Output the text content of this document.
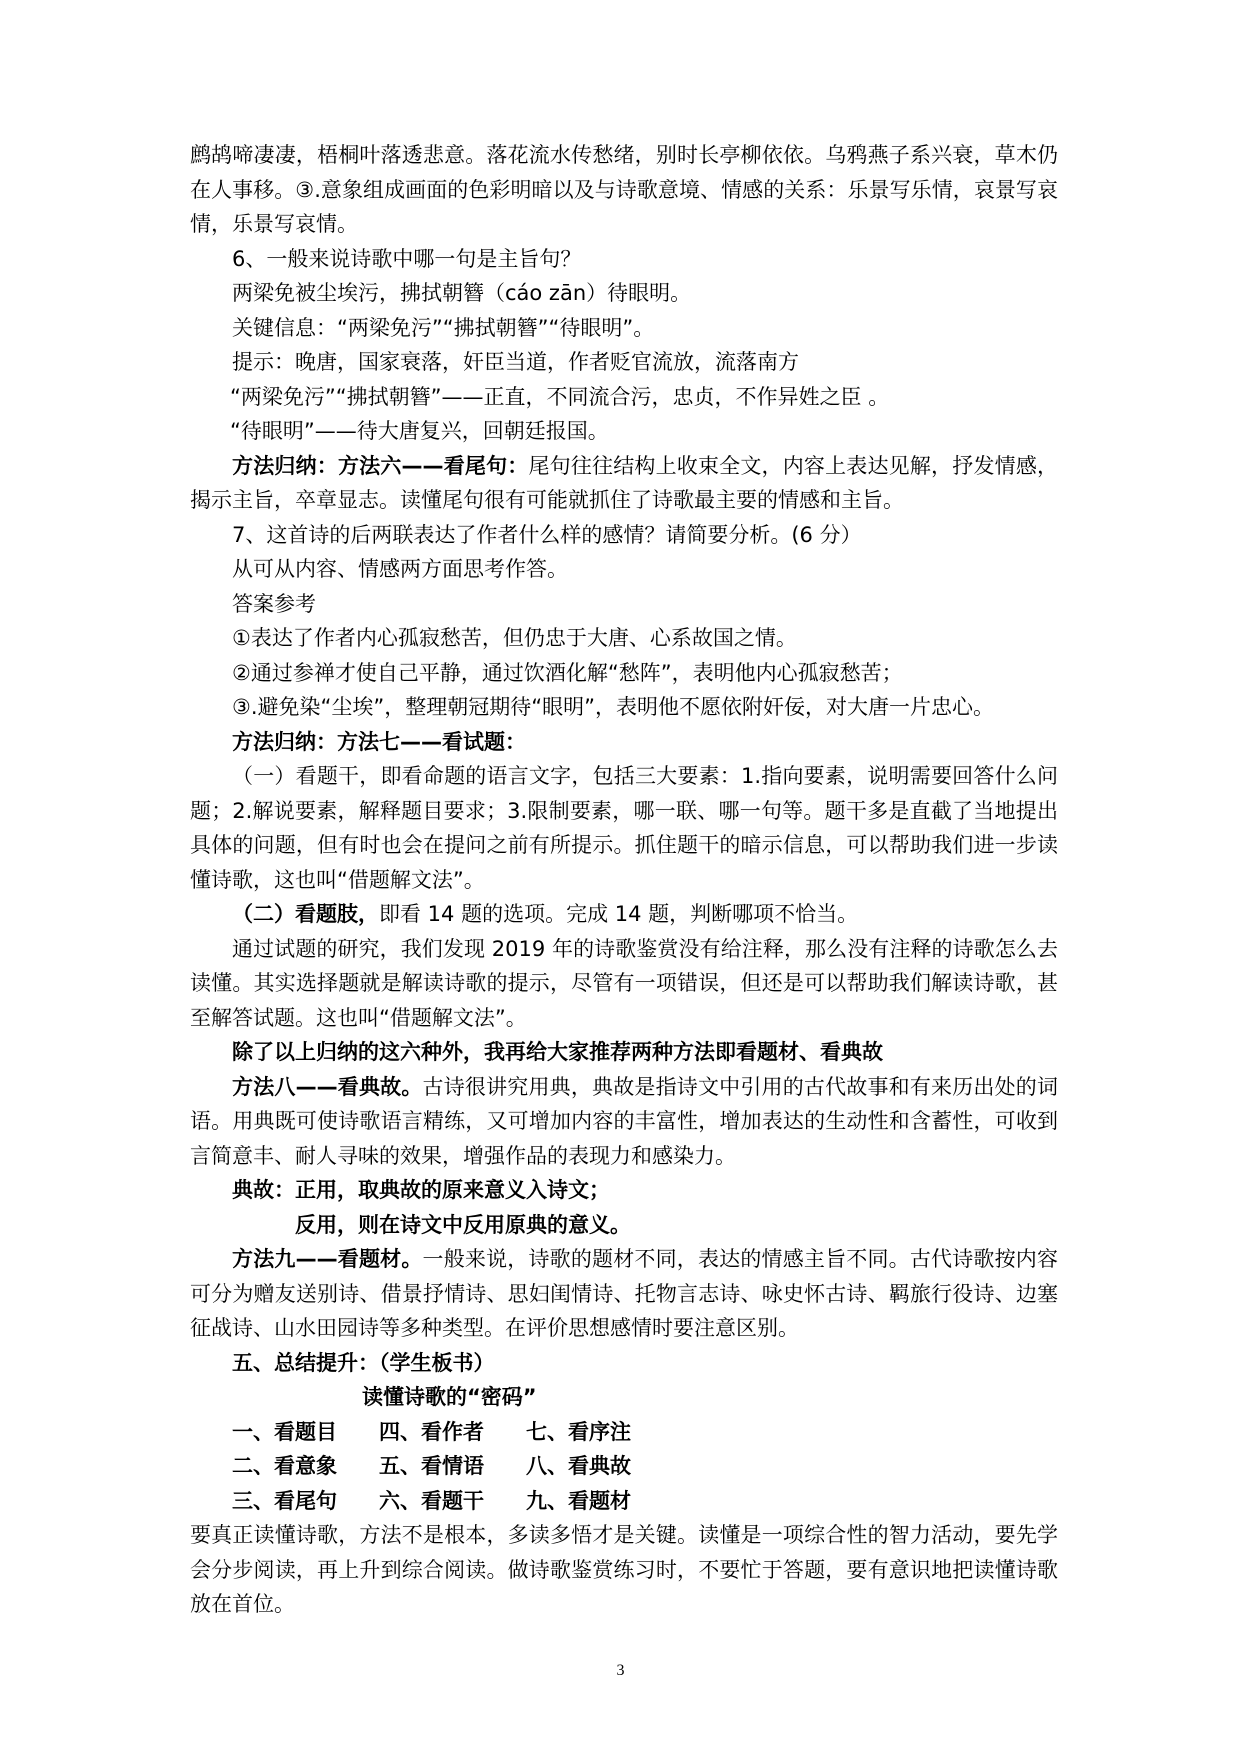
鹧鸪啼凄凄，梧桐叶落透悲意。落花流水传愁绪，别时长亭柳依依。乌鸦燕子系兴衰，草木仍在人事移。③.意象组成画面的色彩明暗以及与诗歌意境、情感的关系：乐景写乐情，哀景写哀情，乐景写哀情。

6、一般来说诗歌中哪一句是主旨句？

两梁免被尘埃污，拂拭朝簪（cáo zān）待眼明。

关键信息：“两梁免污”“拂拭朝簪”“待眼明”。

提示：晚唐，国家衰落，奸臣当道，作者贬官流放，流落南方

“两梁免污”“拂拭朝簪”——正直，不同流合污，忠贞，不作异姓之臣 。

“待眼明”——待大唐复兴，回朝廷报国。

方法归纳：方法六——看尾句：尾句往往结构上收束全文，内容上表达见解，抒发情感，揭示主旨，卒章显志。读懂尾句很有可能就抓住了诗歌最主要的情感和主旨。

7、这首诗的后两联表达了作者什么样的感情？请简要分析。(6 分）

从可从内容、情感两方面思考作答。

答案参考

①表达了作者内心孤寂愁苦，但仍忠于大唐、心系故国之情。

②通过参禅才使自己平静，通过饮酒化解“愁阵”，表明他内心孤寂愁苦；

③.避免染“尘埃”，整理朝冠期待“眼明”，表明他不愿依附奸佞，对大唐一片忠心。

方法归纳：方法七——看试题：

（一）看题干，即看命题的语言文字，包括三大要素：1.指向要素，说明需要回答什么问题；2.解说要素，解释题目要求；3.限制要素，哪一联、哪一句等。题干多是直截了当地提出具体的问题，但有时也会在提问之前有所提示。抓住题干的暗示信息，可以帮助我们进一步读懂诗歌，这也叫“借题解文法”。

（二）看题肢，即看 14 题的选项。完成 14 题，判断哪项不恰当。

通过试题的研究，我们发现 2019 年的诗歌鉴赏没有给注释，那么没有注释的诗歌怎么去读懂。其实选择题就是解读诗歌的提示，尽管有一项错误，但还是可以帮助我们解读诗歌，甚至解答试题。这也叫“借题解文法”。

除了以上归纳的这六种外，我再给大家推荐两种方法即看题材、看典故

方法八——看典故。古诗很讲究用典，典故是指诗文中引用的古代故事和有来历出处的词语。用典既可使诗歌语言精练，又可增加内容的丰富性，增加表达的生动性和含蓄性，可收到言简意丰、耐人寻味的效果，增强作品的表现力和感染力。

典故：正用，取典故的原来意义入诗文；

反用，则在诗文中反用原典的意义。

方法九——看题材。一般来说，诗歌的题材不同，表达的情感主旨不同。古代诗歌按内容可分为赠友送别诗、借景抒情诗、思妇闺情诗、托物言志诗、咏史怀古诗、羁旅行役诗、边塞征战诗、山水田园诗等多种类型。在评价思想感情时要注意区别。

五、总结提升：（学生板书）

读懂诗歌的“密码”

一、看题目	四、看作者	七、看序注
二、看意象	五、看情语	八、看典故
三、看尾句	六、看题干	九、看题材

要真正读懂诗歌，方法不是根本，多读多悟才是关键。读懂是一项综合性的智力活动，要先学会分步阅读，再上升到综合阅读。做诗歌鉴赏练习时，不要忙于答题，要有意识地把读懂诗歌放在首位。

3
